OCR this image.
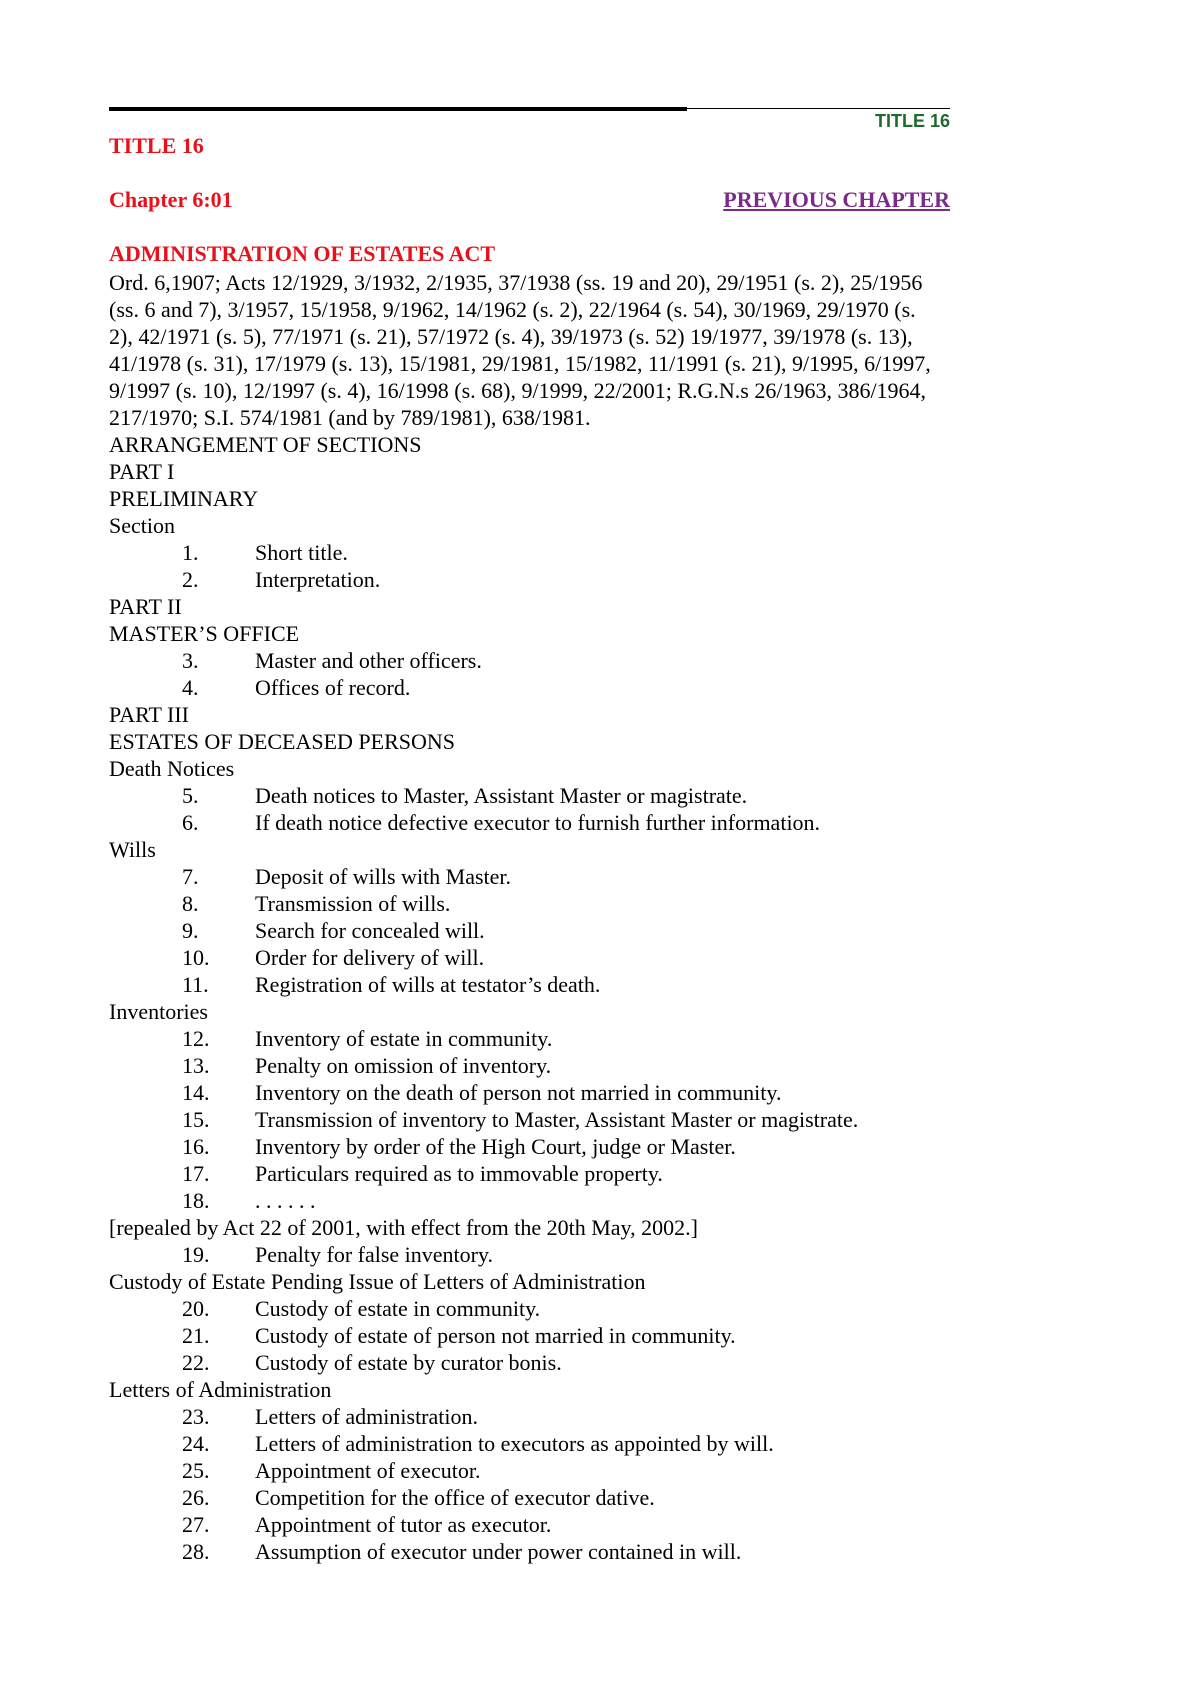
TITLE 16
TITLE 16
Chapter 6:01	PREVIOUS CHAPTER
ADMINISTRATION OF ESTATES ACT

Ord. 6,1907; Acts 12/1929, 3/1932, 2/1935, 37/1938 (ss. 19 and 20), 29/1951 (s. 2), 25/1956 (ss. 6 and 7), 3/1957, 15/1958, 9/1962, 14/1962 (s. 2), 22/1964 (s. 54), 30/1969, 29/1970 (s. 2), 42/1971 (s. 5), 77/1971 (s. 21), 57/1972 (s. 4), 39/1973 (s. 52) 19/1977, 39/1978 (s. 13), 41/1978 (s. 31), 17/1979 (s. 13), 15/1981, 29/1981, 15/1982, 11/1991 (s. 21), 9/1995, 6/1997, 9/1997 (s. 10), 12/1997 (s. 4), 16/1998 (s. 68), 9/1999, 22/2001; R.G.N.s 26/1963, 386/1964, 217/1970; S.I. 574/1981 (and by 789/1981), 638/1981.

ARRANGEMENT OF SECTIONS
PART I
PRELIMINARY
Section
1.	Short title.
2.	Interpretation.
PART II
MASTER’S OFFICE
3.	Master and other officers.
4.	Offices of record.
PART III
ESTATES OF DECEASED PERSONS
Death Notices
5.	Death notices to Master, Assistant Master or magistrate.
6.	If death notice defective executor to furnish further information.
Wills
7.	Deposit of wills with Master.
8.	Transmission of wills.
9.	Search for concealed will.
10. Order for delivery of will.
11. Registration of wills at testator’s death.
Inventories
12. Inventory of estate in community.
13. Penalty on omission of inventory.
14. Inventory on the death of person not married in community.
15. Transmission of inventory to Master, Assistant Master or magistrate.
16. Inventory by order of the High Court, judge or Master.
17. Particulars required as to immovable property.
18. . . . . . .
[repealed by Act 22 of 2001, with effect from the 20th May, 2002.]
19. Penalty for false inventory.
Custody of Estate Pending Issue of Letters of Administration
20. Custody of estate in community.
21. Custody of estate of person not married in community.
22. Custody of estate by curator bonis.
Letters of Administration
23. Letters of administration.
24. Letters of administration to executors as appointed by will.
25. Appointment of executor.
26. Competition for the office of executor dative.
27. Appointment of tutor as executor.
28. Assumption of executor under power contained in will.
